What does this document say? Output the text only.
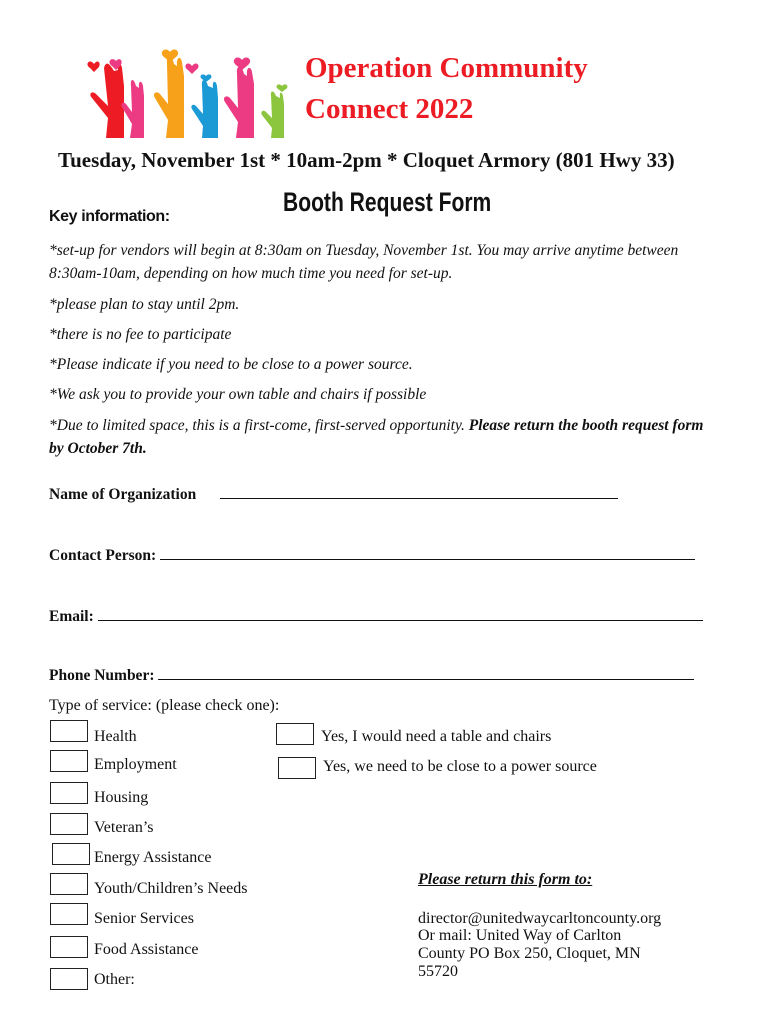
Operation Community
Connect 2022
Tuesday, November 1st * 10am-2pm * Cloquet Armory (801 Hwy 33)
Booth Request Form
Key information:
*set-up for vendors will begin at 8:30am on Tuesday, November 1st. You may arrive anytime between 8:30am-10am, depending on how much time you need for set-up.
*please plan to stay until 2pm.
*there is no fee to participate
*Please indicate if you need to be close to a power source.
*We ask you to provide your own table and chairs if possible
*Due to limited space, this is a first-come, first-served opportunity. Please return the booth request form by October 7th.
Name of Organization
Contact Person:
Email:
Phone Number:
Type of service: (please check one):
Health
Employment
Housing
Veteran’s
Energy Assistance
Youth/Children’s Needs
Senior Services
Food Assistance
Other:
Yes, I would need a table and chairs
Yes, we need to be close to a power source
Please return this form to:
director@unitedwaycarltoncounty.org
Or mail: United Way of Carlton
County PO Box 250, Cloquet, MN
55720
